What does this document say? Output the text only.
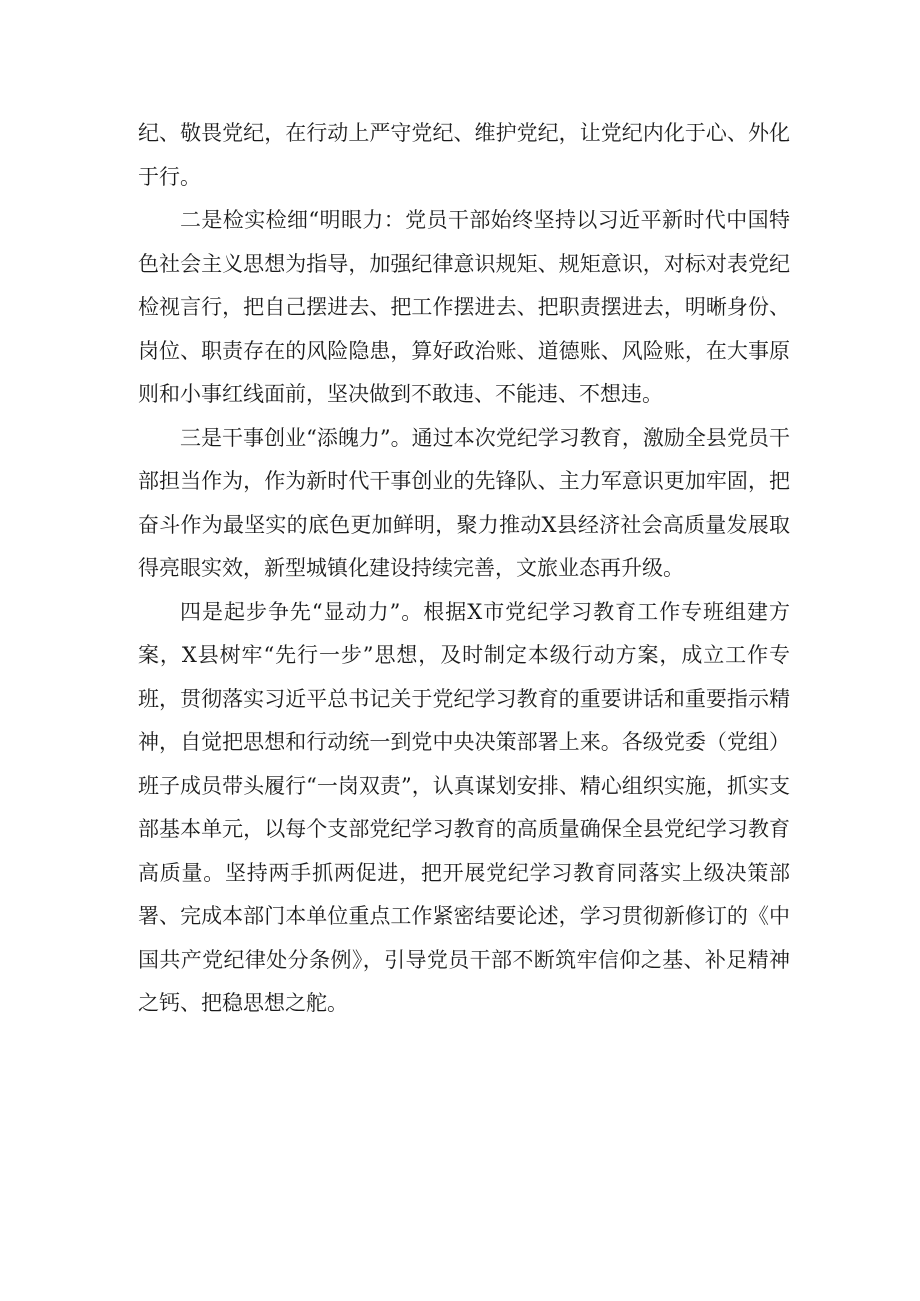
纪、敬畏党纪，在行动上严守党纪、维护党纪，让党纪内化于心、外化于行。

二是检实检细“明眼力：党员干部始终坚持以习近平新时代中国特色社会主义思想为指导，加强纪律意识规矩、规矩意识，对标对表党纪检视言行，把自己摆进去、把工作摆进去、把职责摆进去，明晰身份、岗位、职责存在的风险隐患，算好政治账、道德账、风险账，在大事原则和小事红线面前，坚决做到不敢违、不能违、不想违。

三是干事创业“添魄力”。通过本次党纪学习教育，激励全县党员干部担当作为，作为新时代干事创业的先锋队、主力军意识更加牢固，把奋斗作为最坚实的底色更加鲜明，聚力推动X县经济社会高质量发展取得亮眼实效，新型城镇化建设持续完善，文旅业态再升级。

四是起步争先“显动力”。根据X市党纪学习教育工作专班组建方案，X县树牢“先行一步”思想，及时制定本级行动方案，成立工作专班，贯彻落实习近平总书记关于党纪学习教育的重要讲话和重要指示精神，自觉把思想和行动统一到党中央决策部署上来。各级党委（党组）班子成员带头履行“一岗双责”，认真谋划安排、精心组织实施，抓实支部基本单元，以每个支部党纪学习教育的高质量确保全县党纪学习教育高质量。坚持两手抓两促进，把开展党纪学习教育同落实上级决策部署、完成本部门本单位重点工作紧密结要论述，学习贯彻新修订的《中国共产党纪律处分条例》，引导党员干部不断筑牢信仰之基、补足精神之钙、把稳思想之舵。
